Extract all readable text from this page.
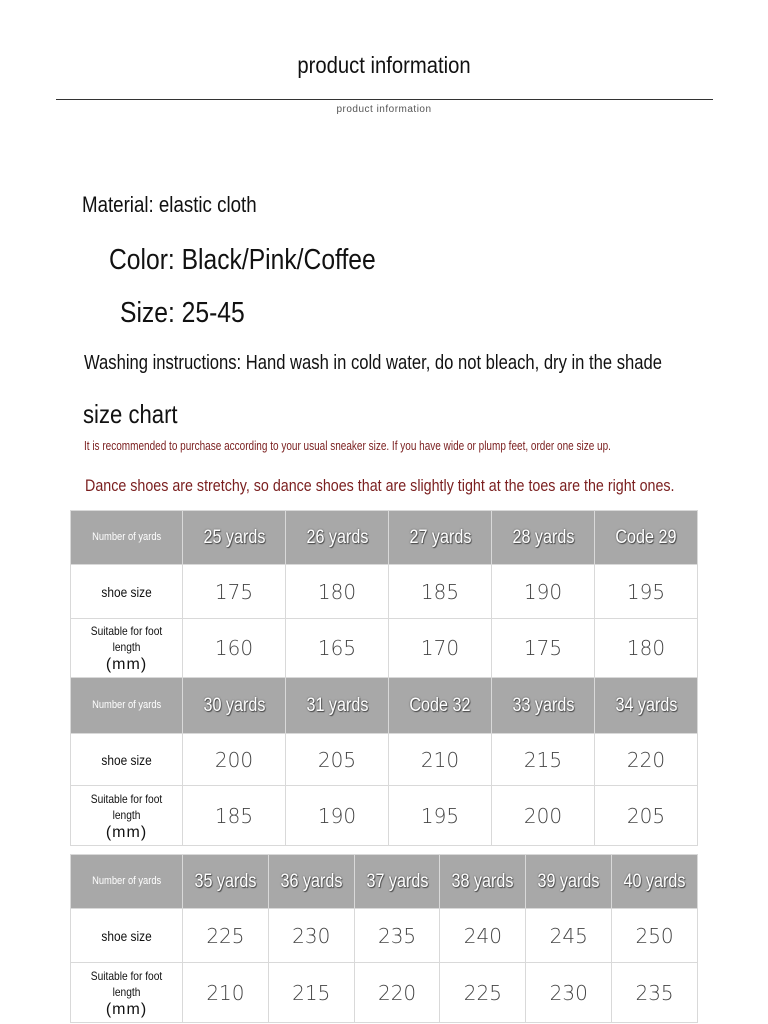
product information
product information
Material: elastic cloth
Color: Black/Pink/Coffee
Size: 25-45
Washing instructions: Hand wash in cold water, do not bleach, dry in the shade
size chart
It is recommended to purchase according to your usual sneaker size. If you have wide or plump feet, order one size up.
Dance shoes are stretchy, so dance shoes that are slightly tight at the toes are the right ones.
Number of yards	25 yards	26 yards	27 yards	28 yards	Code 29
shoe size	175	180	185	190	195
Suitable for foot length
(mm)	160	165	170	175	180
Number of yards	30 yards	31 yards	Code 32	33 yards	34 yards
shoe size	200	205	210	215	220
Suitable for foot length
(mm)	185	190	195	200	205
Number of yards	35 yards	36 yards	37 yards	38 yards	39 yards	40 yards
shoe size	225	230	235	240	245	250
Suitable for foot length
(mm)	210	215	220	225	230	235
